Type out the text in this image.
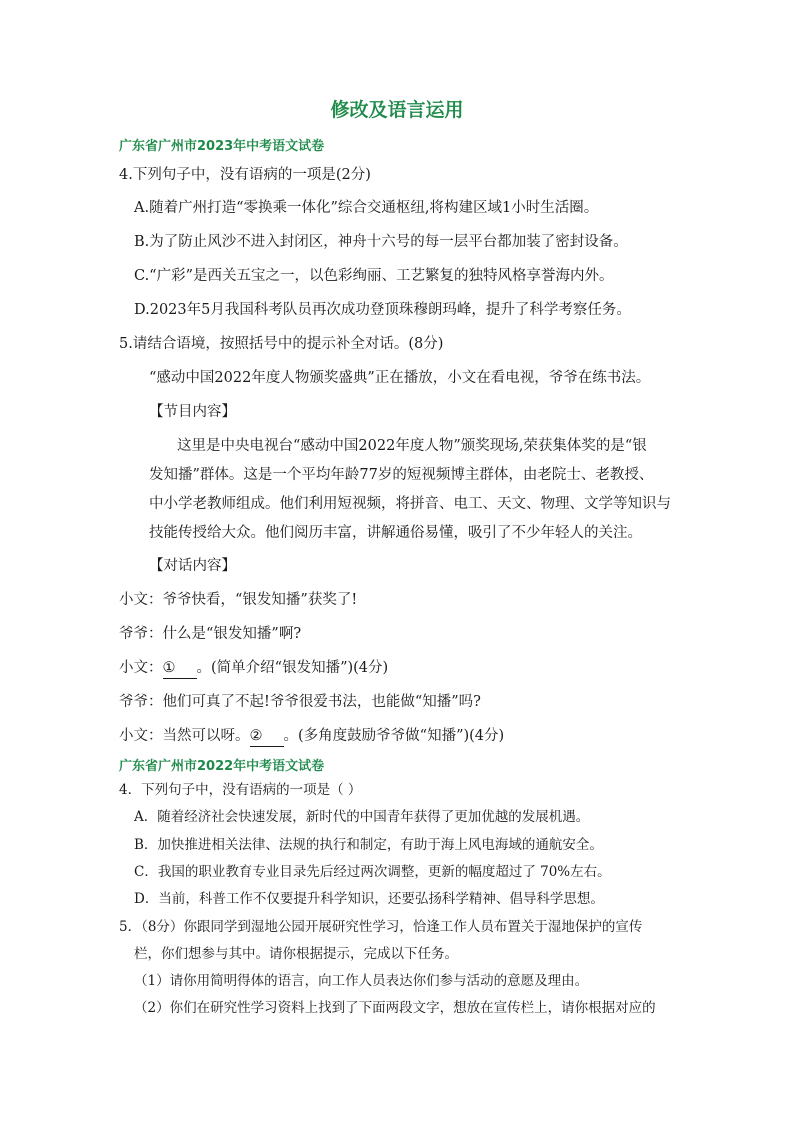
修改及语言运用
广东省广州市2023年中考语文试卷
4.下列句子中，没有语病的一项是(2分)
A.随着广州打造“零换乘一体化”综合交通枢纽,将构建区域1小时生活圈。
B.为了防止风沙不进入封闭区，神舟十六号的每一层平台都加装了密封设备。
C.“广彩”是西关五宝之一，以色彩绚丽、工艺繁复的独特风格享誉海内外。
D.2023年5月我国科考队员再次成功登顶珠穆朗玛峰，提升了科学考察任务。
5.请结合语境，按照括号中的提示补全对话。(8分)
“感动中国2022年度人物颁奖盛典”正在播放，小文在看电视，爷爷在练书法。
【节目内容】
这里是中央电视台“感动中国2022年度人物”颁奖现场,荣获集体奖的是“银
发知播”群体。这是一个平均年龄77岁的短视频博主群体，由老院士、老教授、
中小学老教师组成。他们利用短视频，将拼音、电工、天文、物理、文学等知识与
技能传授给大众。他们阅历丰富，讲解通俗易懂，吸引了不少年轻人的关注。
【对话内容】
小文：爷爷快看，“银发知播”获奖了!
爷爷：什么是“银发知播”啊?
小文：① 。(简单介绍“银发知播”)(4分)
爷爷：他们可真了不起!爷爷很爱书法，也能做“知播”吗?
小文：当然可以呀。② 。(多角度鼓励爷爷做“知播”)(4分)
广东省广州市2022年中考语文试卷
4．下列句子中，没有语病的一项是（ ）
A．随着经济社会快速发展，新时代的中国青年获得了更加优越的发展机遇。
B．加快推进相关法律、法规的执行和制定，有助于海上风电海域的通航安全。
C．我国的职业教育专业目录先后经过两次调整，更新的幅度超过了 70%左右。
D．当前，科普工作不仅要提升科学知识，还要弘扬科学精神、倡导科学思想。
5．（8分）你跟同学到湿地公园开展研究性学习，恰逢工作人员布置关于湿地保护的宣传
栏，你们想参与其中。请你根据提示，完成以下任务。
（1）请你用简明得体的语言，向工作人员表达你们参与活动的意愿及理由。
（2）你们在研究性学习资料上找到了下面两段文字，想放在宣传栏上，请你根据对应的
